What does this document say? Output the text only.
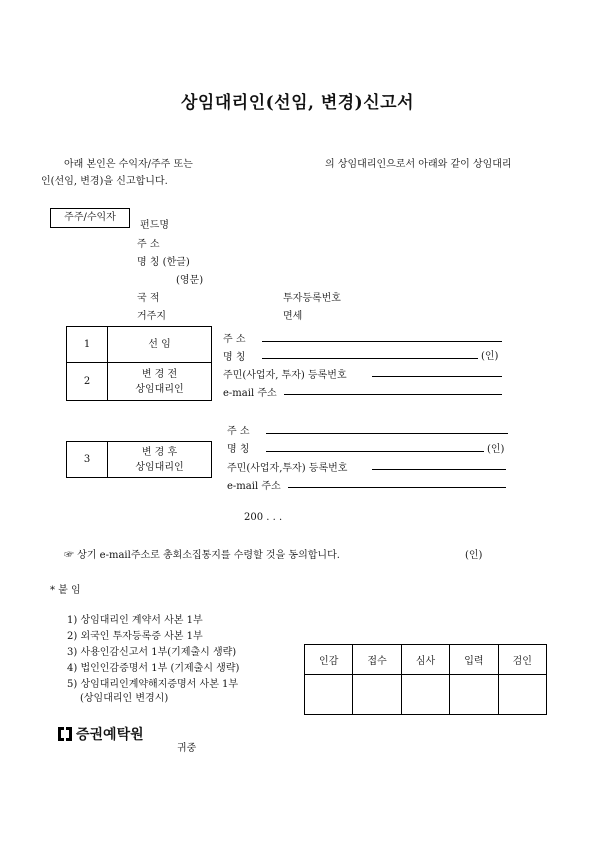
상임대리인(선임, 변경)신고서
아래 본인은 수익자/주주 또는	의 상임대리인으로서 아래와 같이 상임대리
인(선임, 변경)을 신고합니다.
주주/수익자
펀드명
주 소
명 칭 (한글)
(영문)
국 적	투자등록번호
거주지	면세
1	선 임
2	변 경 전
상임대리인
주 소
명 칭	(인)
주민(사업자, 투자) 등록번호
e-mail 주소
3	변 경 후
상임대리인
주 소
명 칭	(인)
주민(사업자,투자) 등록번호
e-mail 주소
200 . . .
☞ 상기 e-mail주소로 총회소집통지를 수령할 것을 동의합니다.	(인)
* 붙 임
1) 상임대리인 계약서 사본 1부
2) 외국인 투자등록증 사본 1부
3) 사용인감신고서 1부(기제출시 생략)
4) 법인인감증명서 1부 (기제출시 생략)
5) 상임대리인계약해지증명서 사본 1부
(상임대리인 변경시)
인감	접수	심사	입력	검인

증권예탁원
귀중
